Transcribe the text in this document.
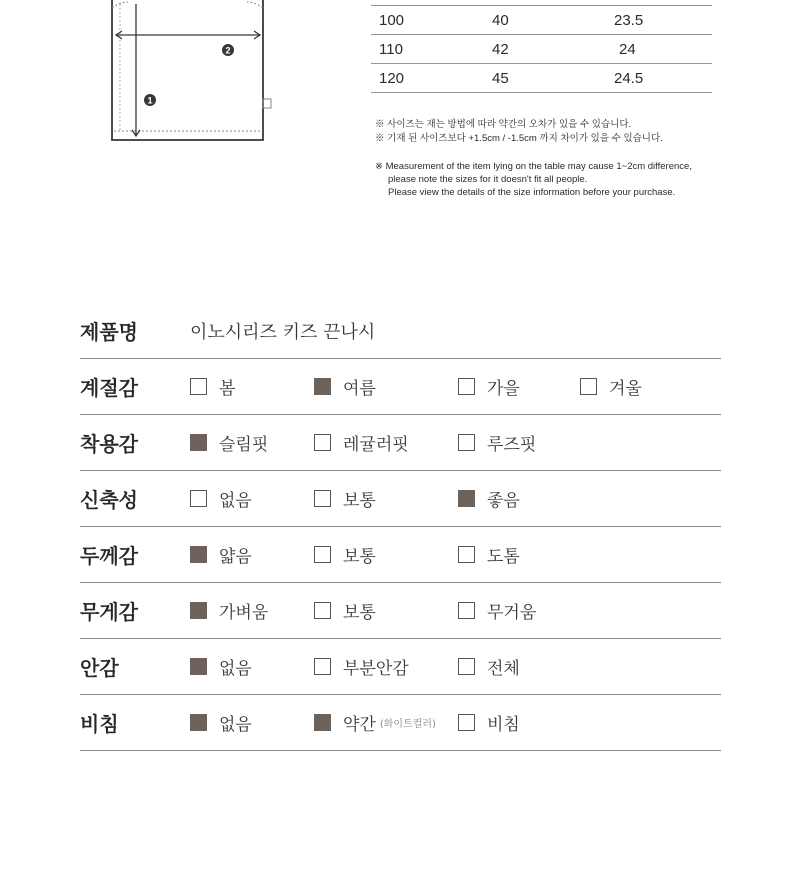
2
1
100	40	23.5
110	42	24
120	45	24.5

※ 사이즈는 재는 방법에 따라 약간의 오차가 있을 수 있습니다.

※ 기재 된 사이즈보다 +1.5cm / -1.5cm 까지 차이가 있을 수 있습니다.

※ Measurement of the item lying on the table may cause 1~2cm difference,

please note the sizes for it doesn't fit all people.

Please view the details of the size information before your purchase.

제품명	이노시리즈 키즈 끈나시
계절감	봄	여름	가을	겨울
착용감	슬림핏	레귤러핏	루즈핏
신축성	없음	보통	좋음
두께감	얇음	보통	도톰
무게감	가벼움	보통	무거움
안감	없음	부분안감	전체
비침	없음	약간 (화이트컬러)	비침
